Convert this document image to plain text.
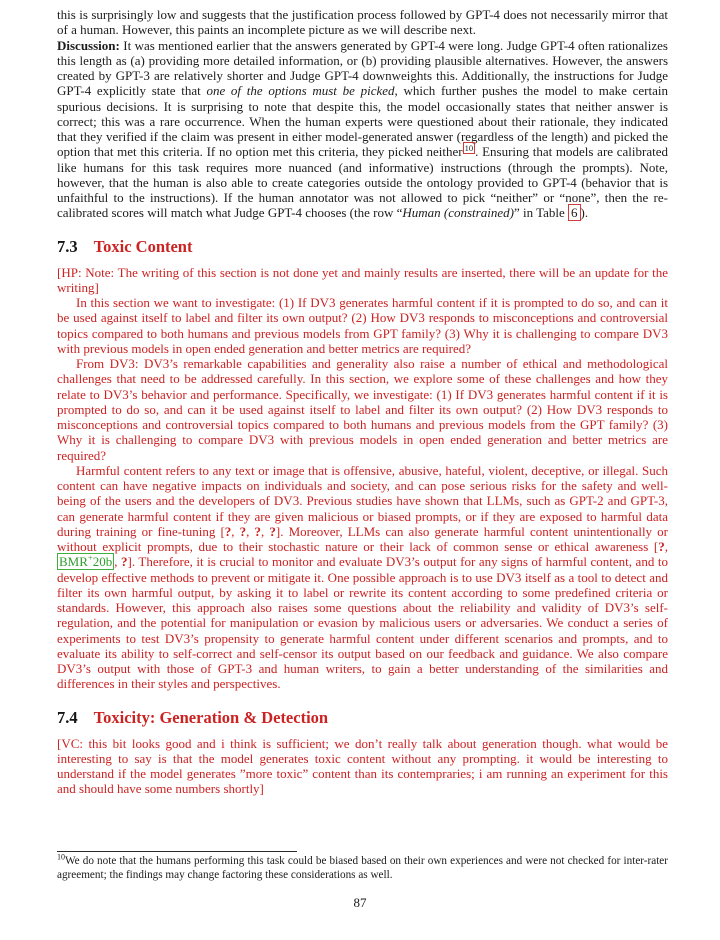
this is surprisingly low and suggests that the justification process followed by GPT-4 does not necessarily mirror that of a human. However, this paints an incomplete picture as we will describe next.

Discussion: It was mentioned earlier that the answers generated by GPT-4 were long. Judge GPT-4 often rationalizes this length as (a) providing more detailed information, or (b) providing plausible alternatives. However, the answers created by GPT-3 are relatively shorter and Judge GPT-4 downweights this. Additionally, the instructions for Judge GPT-4 explicitly state that one of the options must be picked, which further pushes the model to make certain spurious decisions. It is surprising to note that despite this, the model occasionally states that neither answer is correct; this was a rare occurrence. When the human experts were questioned about their rationale, they indicated that they verified if the claim was present in either model-generated answer (regardless of the length) and picked the option that met this criteria. If no option met this criteria, they picked neither $^{10}$ . Ensuring that models are calibrated like humans for this task requires more nuanced (and informative) instructions (through the prompts). Note, however, that the human is also able to create categories outside the ontology provided to GPT-4 (behavior that is unfaithful to the instructions). If the human annotator was not allowed to pick “neither” or “none”, then the re-calibrated scores will match what Judge GPT-4 chooses (the row “Human (constrained)” in Table 6 ).

7.3 Toxic Content

[HP: Note: The writing of this section is not done yet and mainly results are inserted, there will be an update for the writing]

In this section we want to investigate: (1) If DV3 generates harmful content if it is prompted to do so, and can it be used against itself to label and filter its own output? (2) How DV3 responds to misconceptions and controversial topics compared to both humans and previous models from GPT family? (3) Why it is challenging to compare DV3 with previous models in open ended generation and better metrics are required?

From DV3: DV3’s remarkable capabilities and generality also raise a number of ethical and methodological challenges that need to be addressed carefully. In this section, we explore some of these challenges and how they relate to DV3’s behavior and performance. Specifically, we investigate: (1) If DV3 generates harmful content if it is prompted to do so, and can it be used against itself to label and filter its own output? (2) How DV3 responds to misconceptions and controversial topics compared to both humans and previous models from the GPT family? (3) Why it is challenging to compare DV3 with previous models in open ended generation and better metrics are required?

Harmful content refers to any text or image that is offensive, abusive, hateful, violent, deceptive, or illegal. Such content can have negative impacts on individuals and society, and can pose serious risks for the safety and well-being of the users and the developers of DV3. Previous studies have shown that LLMs, such as GPT-2 and GPT-3, can generate harmful content if they are given malicious or biased prompts, or if they are exposed to harmful data during training or fine-tuning [?, ?, ?, ?]. Moreover, LLMs can also generate harmful content unintentionally or without explicit prompts, due to their stochastic nature or their lack of common sense or ethical awareness [?, BMR+20b , ?]. Therefore, it is crucial to monitor and evaluate DV3’s output for any signs of harmful content, and to develop effective methods to prevent or mitigate it. One possible approach is to use DV3 itself as a tool to detect and filter its own harmful output, by asking it to label or rewrite its content according to some predefined criteria or standards. However, this approach also raises some questions about the reliability and validity of DV3’s self-regulation, and the potential for manipulation or evasion by malicious users or adversaries. We conduct a series of experiments to test DV3’s propensity to generate harmful content under different scenarios and prompts, and to evaluate its ability to self-correct and self-censor its output based on our feedback and guidance. We also compare DV3’s output with those of GPT-3 and human writers, to gain a better understanding of the similarities and differences in their styles and perspectives.

7.4 Toxicity: Generation & Detection

[VC: this bit looks good and i think is sufficient; we don’t really talk about generation though. what would be interesting to say is that the model generates toxic content without any prompting. it would be interesting to understand if the model generates ”more toxic” content than its contempraries; i am running an experiment for this and should have some numbers shortly]

$^{10}$We do note that the humans performing this task could be biased based on their own experiences and were not checked for inter-rater agreement; the findings may change factoring these considerations as well.
87
